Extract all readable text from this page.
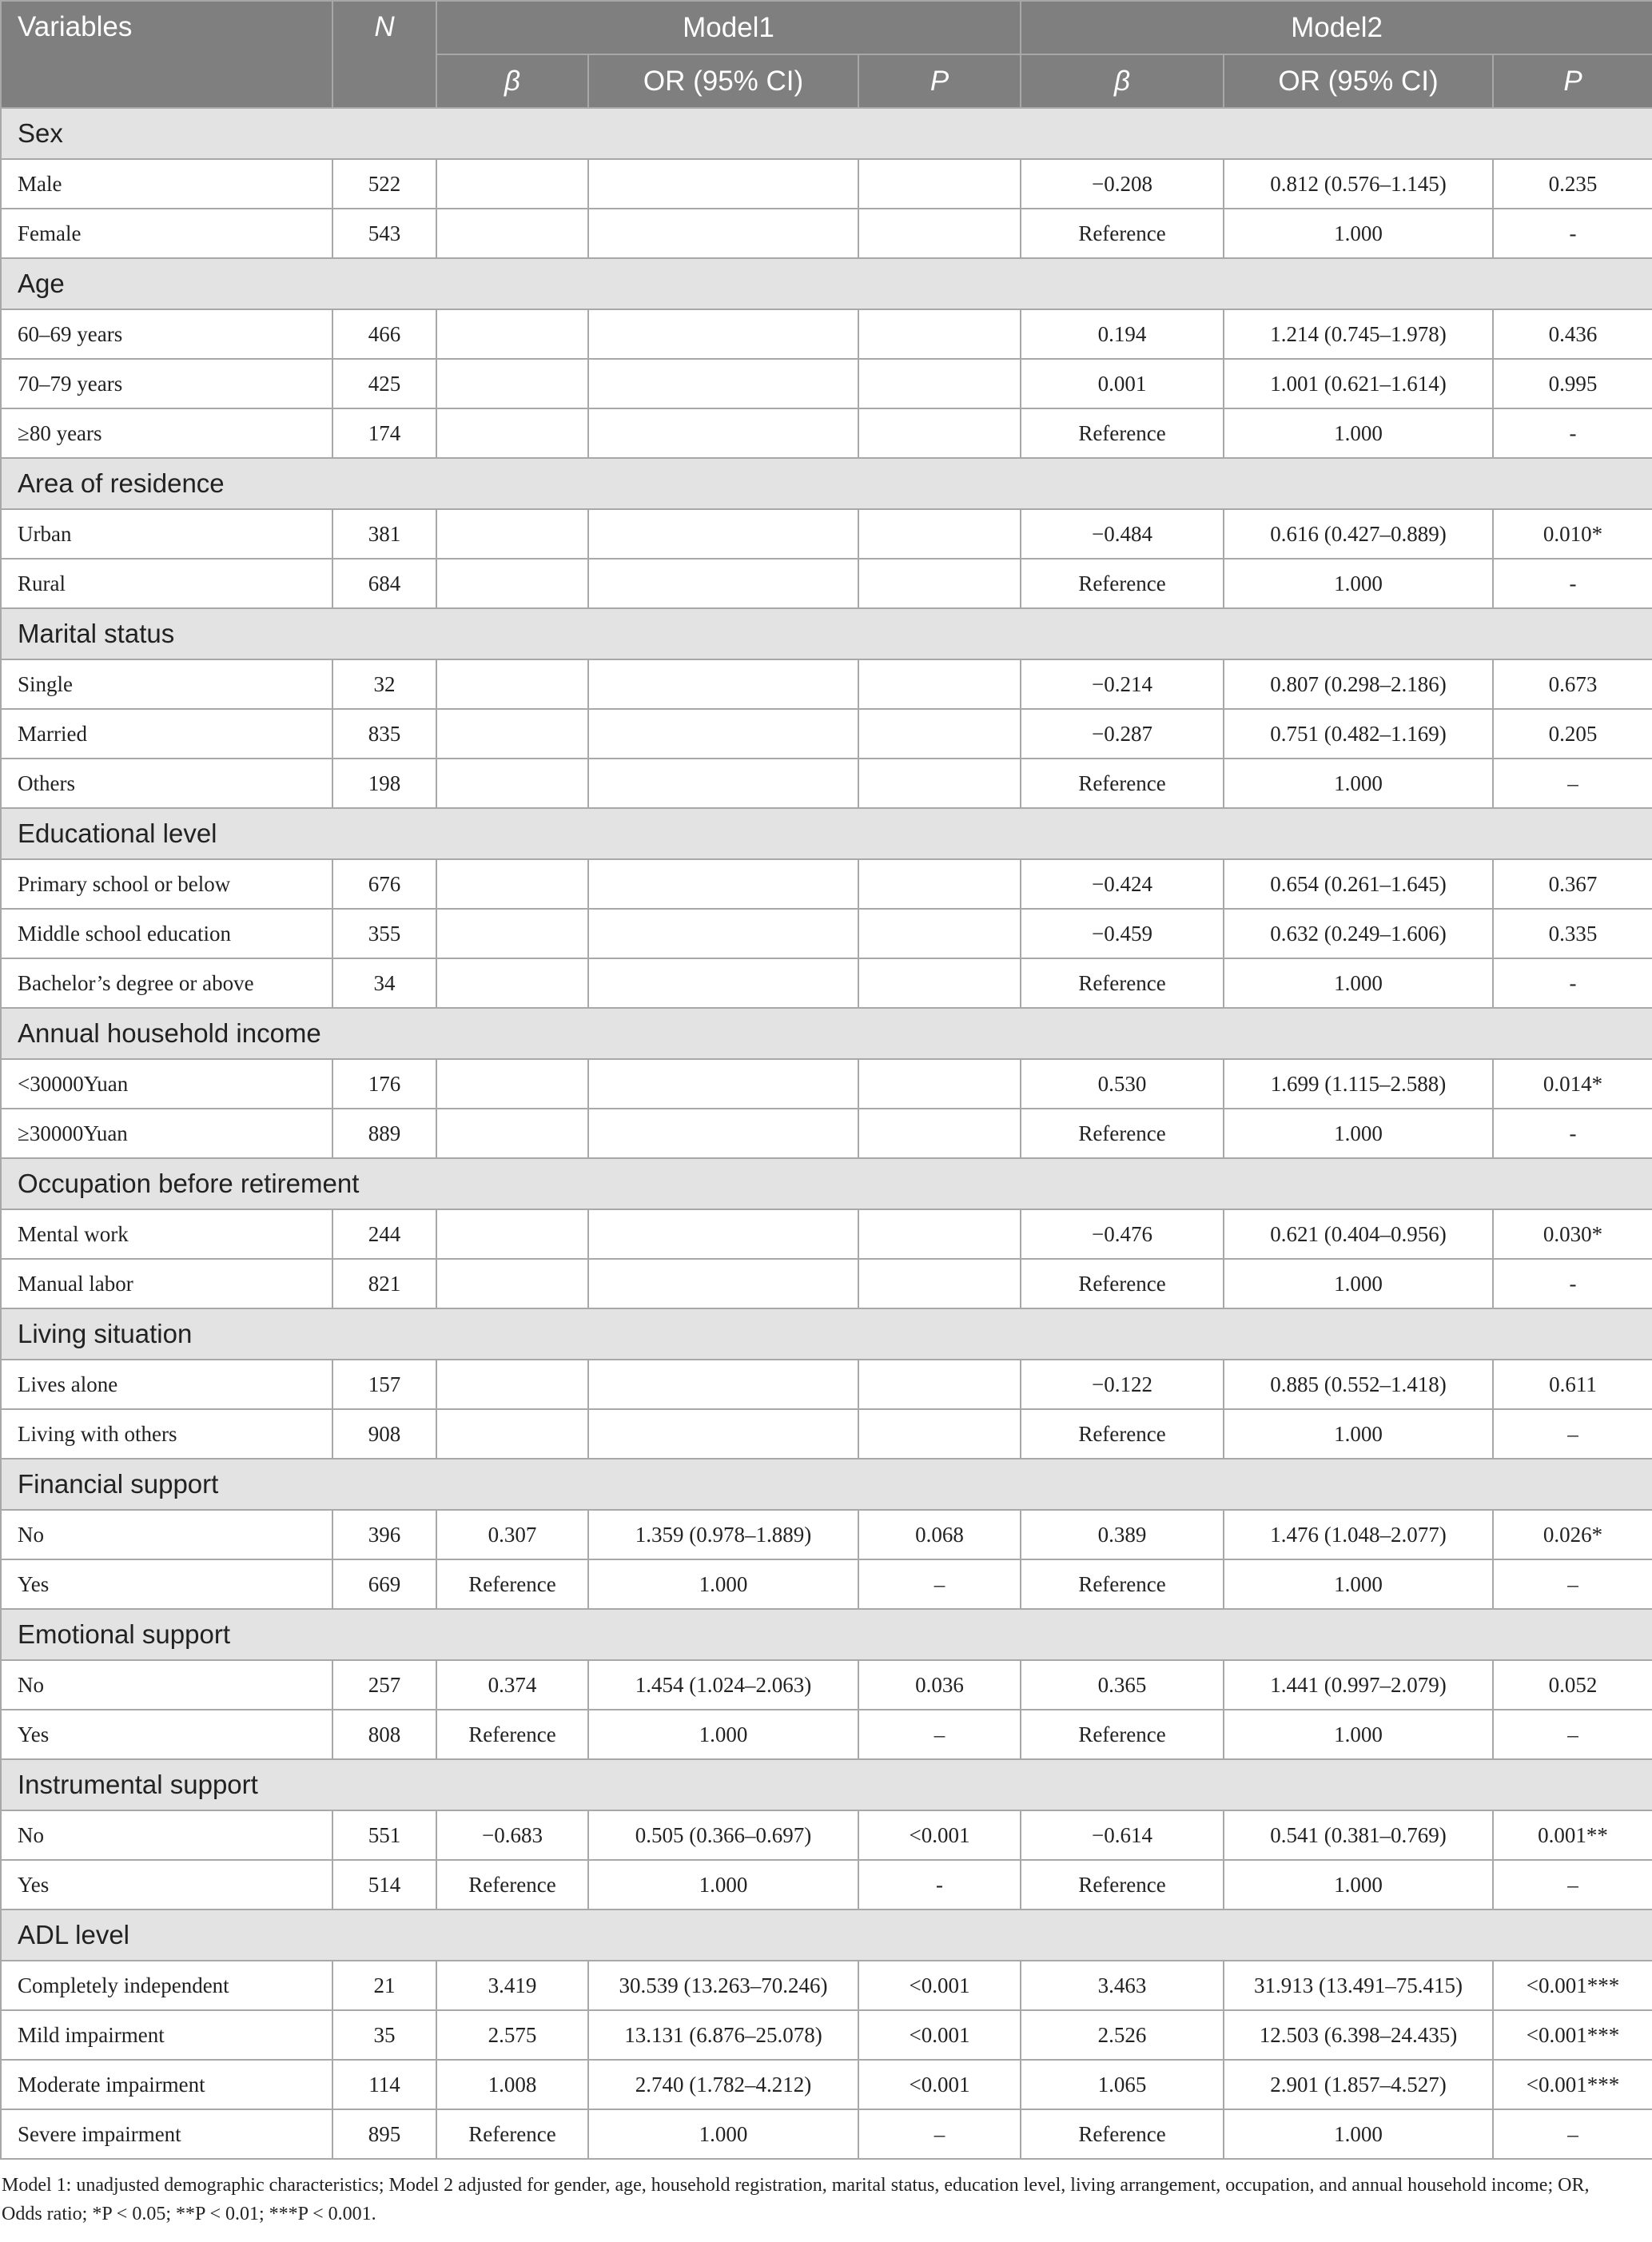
Variables	N	Model1			Model2		
		β	OR (95% CI)	P	β	OR (95% CI)	P
Sex							
Male	522				−0.208	0.812 (0.576–1.145)	0.235
Female	543				Reference	1.000	-
Age							
60–69 years	466				0.194	1.214 (0.745–1.978)	0.436
70–79 years	425				0.001	1.001 (0.621–1.614)	0.995
≥80 years	174				Reference	1.000	-
Area of residence							
Urban	381				−0.484	0.616 (0.427–0.889)	0.010*
Rural	684				Reference	1.000	-
Marital status							
Single	32				−0.214	0.807 (0.298–2.186)	0.673
Married	835				−0.287	0.751 (0.482–1.169)	0.205
Others	198				Reference	1.000	–
Educational level							
Primary school or below	676				−0.424	0.654 (0.261–1.645)	0.367
Middle school education	355				−0.459	0.632 (0.249–1.606)	0.335
Bachelor’s degree or above	34				Reference	1.000	-
Annual household income							
<30000Yuan	176				0.530	1.699 (1.115–2.588)	0.014*
≥30000Yuan	889				Reference	1.000	-
Occupation before retirement							
Mental work	244				−0.476	0.621 (0.404–0.956)	0.030*
Manual labor	821				Reference	1.000	-
Living situation							
Lives alone	157				−0.122	0.885 (0.552–1.418)	0.611
Living with others	908				Reference	1.000	–
Financial support							
No	396	0.307	1.359 (0.978–1.889)	0.068	0.389	1.476 (1.048–2.077)	0.026*
Yes	669	Reference	1.000	–	Reference	1.000	–
Emotional support							
No	257	0.374	1.454 (1.024–2.063)	0.036	0.365	1.441 (0.997–2.079)	0.052
Yes	808	Reference	1.000	–	Reference	1.000	–
Instrumental support							
No	551	−0.683	0.505 (0.366–0.697)	<0.001	−0.614	0.541 (0.381–0.769)	0.001**
Yes	514	Reference	1.000	-	Reference	1.000	–
ADL level							
Completely independent	21	3.419	30.539 (13.263–70.246)	<0.001	3.463	31.913 (13.491–75.415)	<0.001***
Mild impairment	35	2.575	13.131 (6.876–25.078)	<0.001	2.526	12.503 (6.398–24.435)	<0.001***
Moderate impairment	114	1.008	2.740 (1.782–4.212)	<0.001	1.065	2.901 (1.857–4.527)	<0.001***
Severe impairment	895	Reference	1.000	–	Reference	1.000	–
Model 1: unadjusted demographic characteristics; Model 2 adjusted for gender, age, household registration, marital status, education level, living arrangement, occupation, and annual household income; OR, Odds ratio; *P < 0.05; **P < 0.01; ***P < 0.001.
